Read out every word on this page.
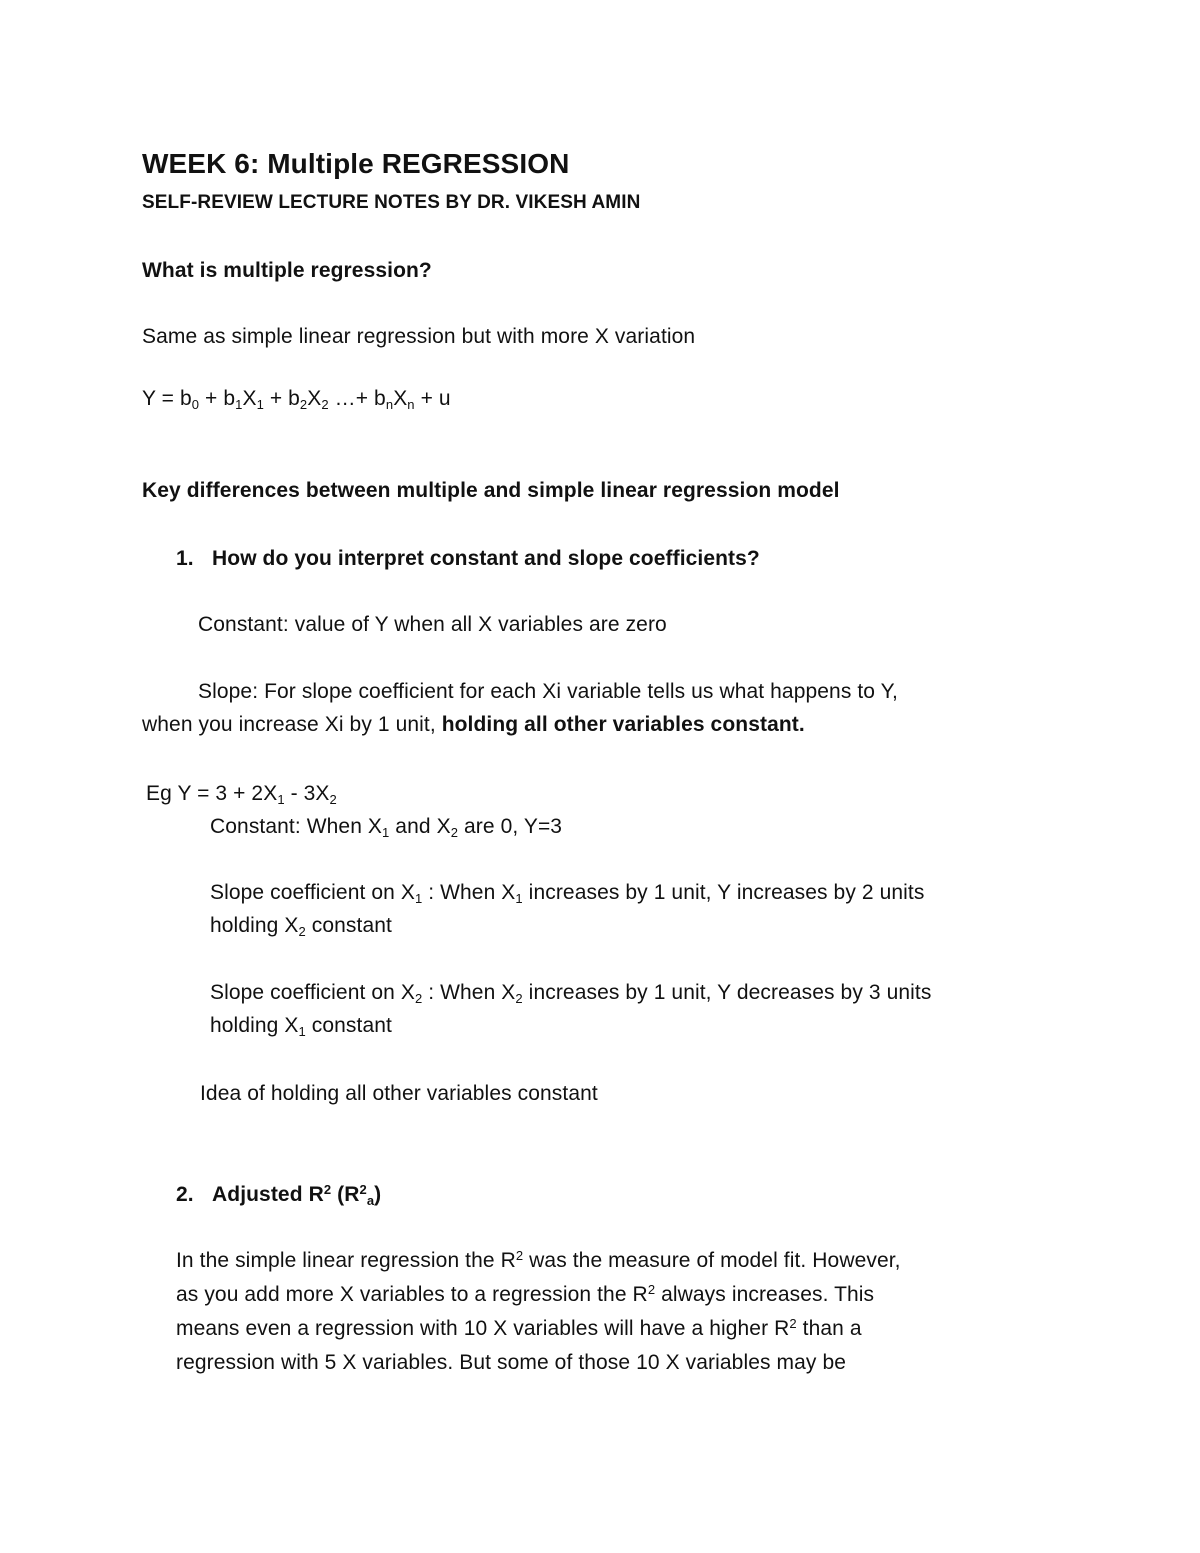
WEEK 6: Multiple REGRESSION
SELF-REVIEW LECTURE NOTES BY DR. VIKESH AMIN
What is multiple regression?
Same as simple linear regression but with more X variation
$Y = b_0 + b_1X_1 + b_2X_2$ …+ $b_nX_n + u$
Key differences between multiple and simple linear regression model
1. How do you interpret constant and slope coefficients?
Constant: value of Y when all X variables are zero
Slope: For slope coefficient for each Xi variable tells us what happens to Y,
when you increase Xi by 1 unit, holding all other variables constant.
Eg $Y = 3 + 2X_1 - 3X_2$
Constant: When $X_1$ and $X_2$ are 0, Y=3
Slope coefficient on $X_1$ : When $X_1$ increases by 1 unit, Y increases by 2 units
holding $X_2$ constant
Slope coefficient on $X_2$ : When $X_2$ increases by 1 unit, Y decreases by 3 units
holding $X_1$ constant
Idea of holding all other variables constant
2. Adjusted $R^2$ $(R^2_a)$
In the simple linear regression the $R^2$ was the measure of model fit. However,
as you add more X variables to a regression the $R^2$ always increases. This
means even a regression with 10 X variables will have a higher $R^2$ than a
regression with 5 X variables. But some of those 10 X variables may be
